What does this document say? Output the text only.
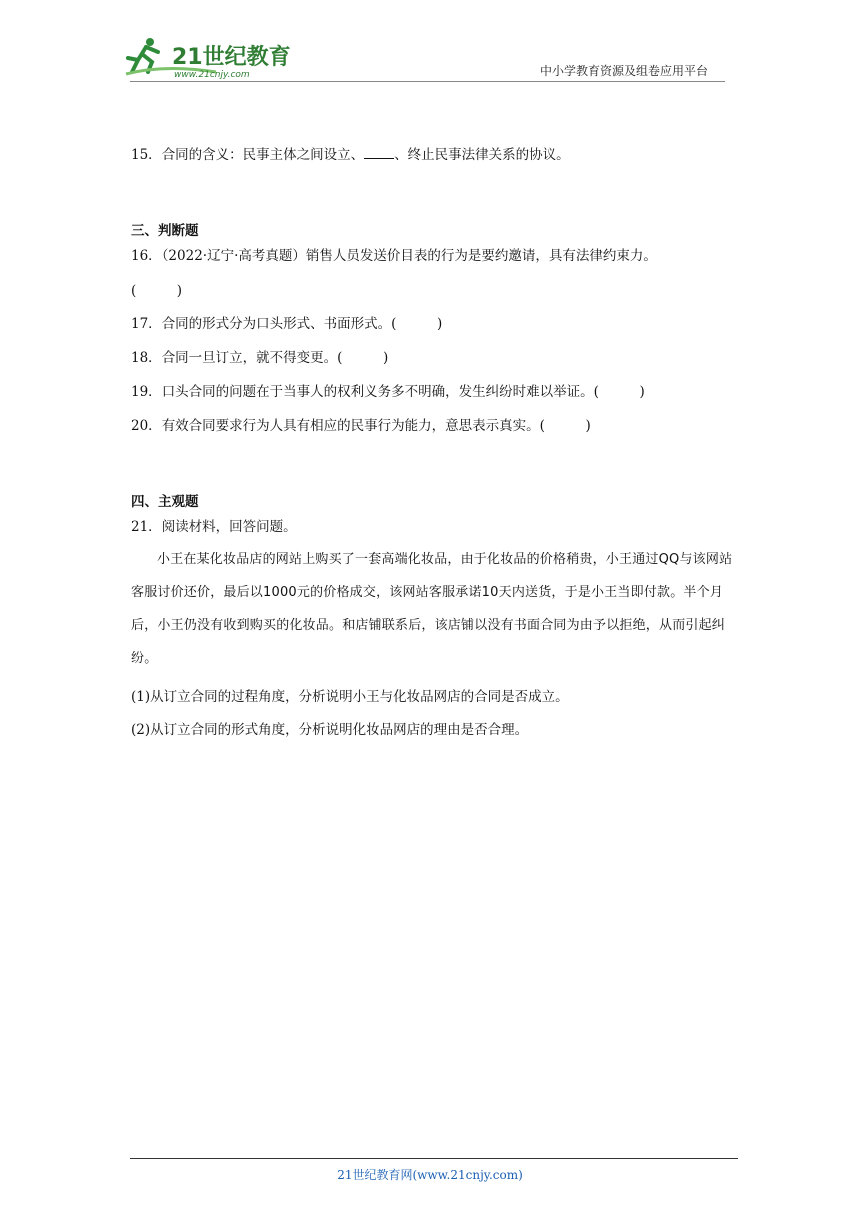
21世纪教育
www.21cnjy.com	中小学教育资源及组卷应用平台
15．合同的含义：民事主体之间设立、 、终止民事法律关系的协议。
三、判断题
16．（2022·辽宁·高考真题）销售人员发送价目表的行为是要约邀请，具有法律约束力。
(　　　)
17．合同的形式分为口头形式、书面形式。(　　　)
18．合同一旦订立，就不得变更。(　　　)
19．口头合同的问题在于当事人的权利义务多不明确，发生纠纷时难以举证。(　　　)
20．有效合同要求行为人具有相应的民事行为能力，意思表示真实。(　　　)
四、主观题
21．阅读材料，回答问题。
小王在某化妆品店的网站上购买了一套高端化妆品，由于化妆品的价格稍贵，小王通过QQ与该网站客服讨价还价，最后以1000元的价格成交，该网站客服承诺10天内送货，于是小王当即付款。半个月后，小王仍没有收到购买的化妆品。和店铺联系后，该店铺以没有书面合同为由予以拒绝，从而引起纠纷。
(1)从订立合同的过程角度，分析说明小王与化妆品网店的合同是否成立。
(2)从订立合同的形式角度，分析说明化妆品网店的理由是否合理。
21世纪教育网(www.21cnjy.com)
